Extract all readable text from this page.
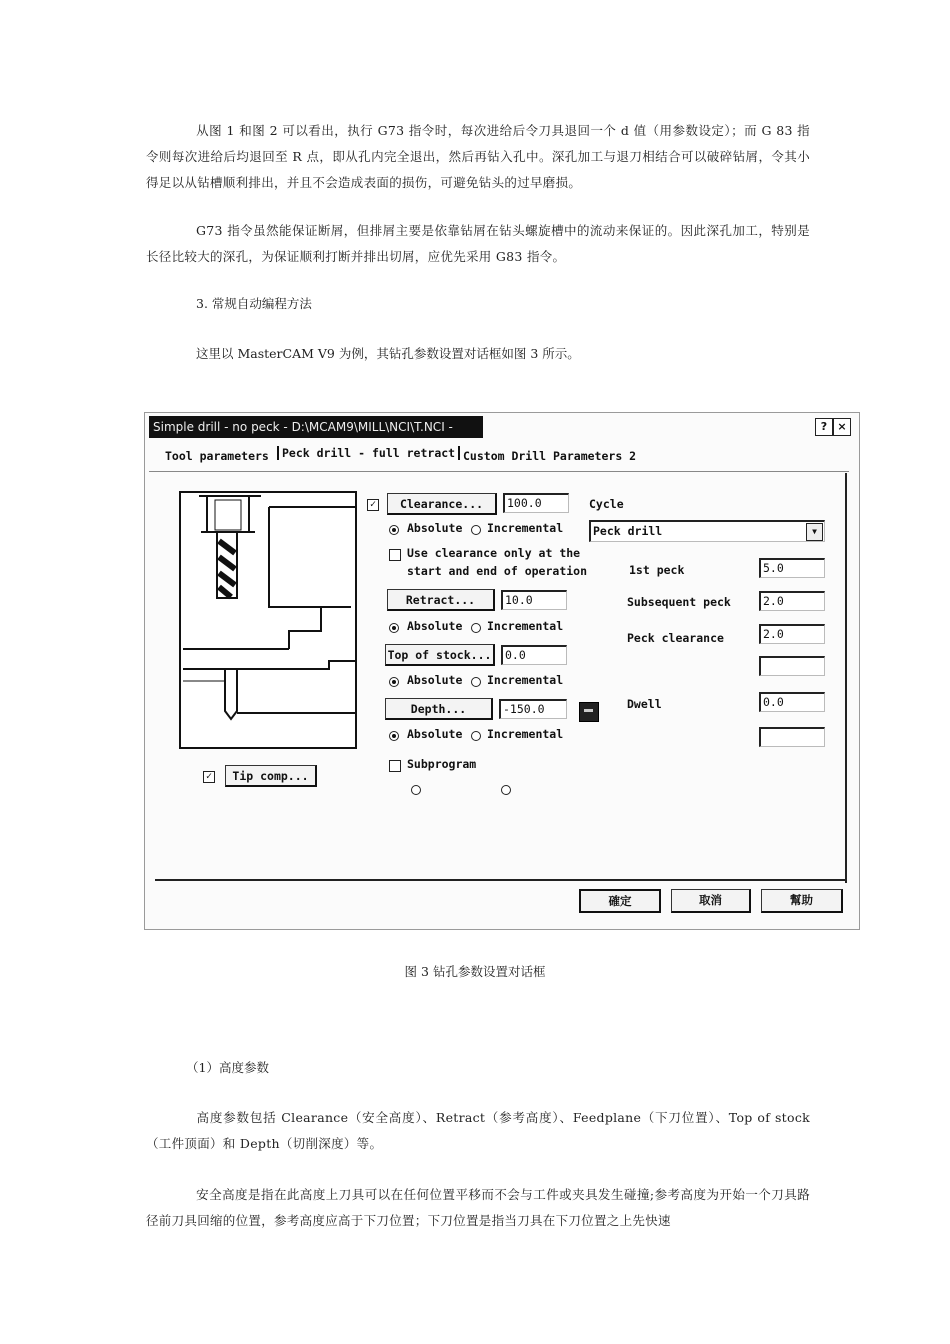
从图 1 和图 2 可以看出，执行 G73 指令时，每次进给后令刀具退回一个 d 值（用参数设定）；而 G 83 指令则每次进给后均退回至 R 点，即从孔内完全退出，然后再钻入孔中。深孔加工与退刀相结合可以破碎钻屑，令其小得足以从钻槽顺利排出，并且不会造成表面的损伤，可避免钻头的过早磨损。

G73 指令虽然能保证断屑，但排屑主要是依靠钻屑在钻头螺旋槽中的流动来保证的。因此深孔加工，特别是长径比较大的深孔，为保证顺利打断并排出切屑，应优先采用 G83 指令。

3. 常规自动编程方法
这里以 MasterCAM V9 为例，其钻孔参数设置对话框如图 3 所示。
Simple drill - no peck - D:\MCAM9\MILL\NCI\T.NCI -	? ×
Tool parameters	Peck drill - full retract Custom Drill Parameters 2
✓	Clearance...	100.0
Absolute Incremental
Use clearance only at the
start and end of operation
Retract...	10.0
Absolute Incremental
Top of stock...	0.0
Absolute Incremental
Depth...	-150.0
Absolute Incremental
Subprogram
✓	Tip comp...
Cycle
Peck drill	▼
1st peck	5.0
Subsequent peck	2.0
Peck clearance	2.0
Dwell	0.0
確定	取消	幫助
图 3 钻孔参数设置对话框
（1）高度参数

高度参数包括 Clearance（安全高度）、Retract（参考高度）、Feedplane（下刀位置）、Top of stock（工件顶面）和 Depth（切削深度）等。

安全高度是指在此高度上刀具可以在任何位置平移而不会与工件或夹具发生碰撞;参考高度为开始一个刀具路径前刀具回缩的位置，参考高度应高于下刀位置；下刀位置是指当刀具在下刀位置之上先快速
